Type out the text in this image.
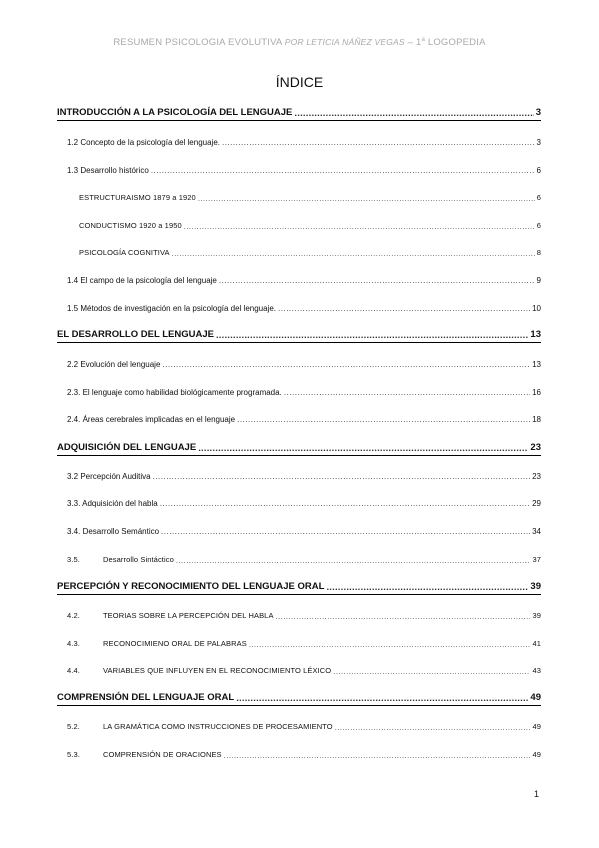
RESUMEN PSICOLOGIA EVOLUTIVA POR LETICIA NÁÑEZ VEGAS – 1$^a$ LOGOPEDIA
ÍNDICE
INTRODUCCIÓN A LA PSICOLOGÍA DEL LENGUAJE .....	3
1.2 Concepto de la psicología del lenguaje. .....	3
1.3 Desarrollo histórico .....	6
ESTRUCTURAISMO 1879 a 1920 .....	6
CONDUCTISMO 1920 a 1950 .....	6
PSICOLOGÍA COGNITIVA .....	8
1.4 El campo de la psicología del lenguaje .....	9
1.5 Métodos de investigación en la psicología del lenguaje. .....	10
EL DESARROLLO DEL LENGUAJE .....	13
2.2 Evolución del lenguaje .....	13
2.3. El lenguaje como habilidad biológicamente programada. .....	16
2.4. Áreas cerebrales implicadas en el lenguaje .....	18
ADQUISICIÓN DEL LENGUAJE .....	23
3.2 Percepción Auditiva .....	23
3.3. Adquisición del habla .....	29
3.4. Desarrollo Semántico .....	34
3.5.	Desarrollo Sintáctico .....	37
PERCEPCIÓN Y RECONOCIMIENTO DEL LENGUAJE ORAL .....	39
4.2.	TEORIAS SOBRE LA PERCEPCIÓN DEL HABLA .....	39
4.3.	RECONOCIMIENO ORAL DE PALABRAS .....	41
4.4.	VARIABLES QUE INFLUYEN EN EL RECONOCIMIENTO LÉXICO .....	43
COMPRENSIÓN DEL LENGUAJE ORAL .....	49
5.2.	LA GRAMÁTICA COMO INSTRUCCIONES DE PROCESAMIENTO .....	49
5.3.	COMPRENSIÓN DE ORACIONES .....	49
1
